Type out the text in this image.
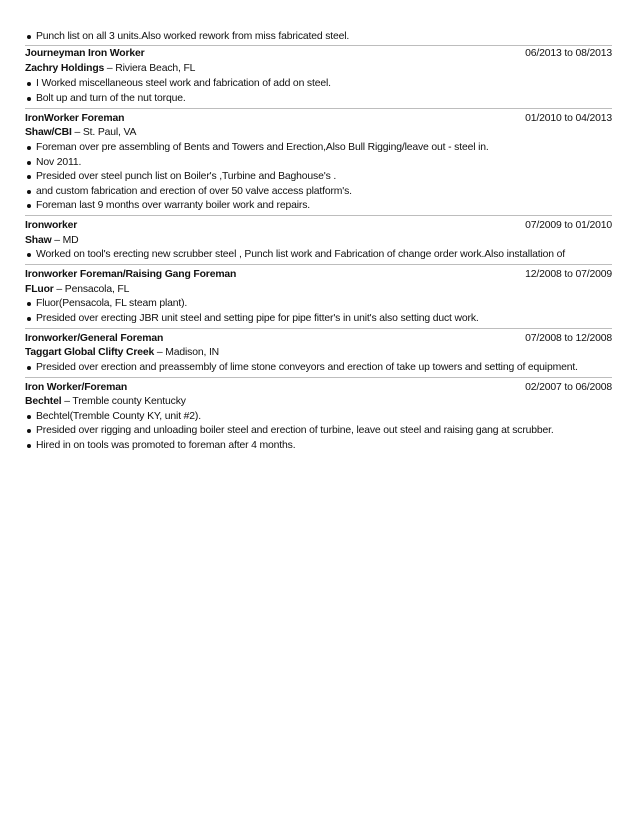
Punch list on all 3 units.Also worked rework from miss fabricated steel.
Journeyman Iron Worker	06/2013 to 08/2013
Zachry Holdings – Riviera Beach, FL
I Worked miscellaneous steel work and fabrication of add on steel.
Bolt up and turn of the nut torque.
IronWorker Foreman	01/2010 to 04/2013
Shaw/CBI – St. Paul, VA
Foreman over pre assembling of Bents and Towers and Erection,Also Bull Rigging/leave out - steel in.
Nov 2011.
Presided over steel punch list on Boiler's ,Turbine and Baghouse's .
and custom fabrication and erection of over 50 valve access platform's.
Foreman last 9 months over warranty boiler work and repairs.
Ironworker	07/2009 to 01/2010
Shaw – MD
Worked on tool's erecting new scrubber steel , Punch list work and Fabrication of change order work.Also installation of
Ironworker Foreman/Raising Gang Foreman	12/2008 to 07/2009
FLuor – Pensacola, FL
Fluor(Pensacola, FL steam plant).
Presided over erecting JBR unit steel and setting pipe for pipe fitter's in unit's also setting duct work.
Ironworker/General Foreman	07/2008 to 12/2008
Taggart Global Clifty Creek – Madison, IN
Presided over erection and preassembly of lime stone conveyors and erection of take up towers and setting of equipment.
Iron Worker/Foreman	02/2007 to 06/2008
Bechtel – Tremble county Kentucky
Bechtel(Tremble County KY, unit #2).
Presided over rigging and unloading boiler steel and erection of turbine, leave out steel and raising gang at scrubber.
Hired in on tools was promoted to foreman after 4 months.
